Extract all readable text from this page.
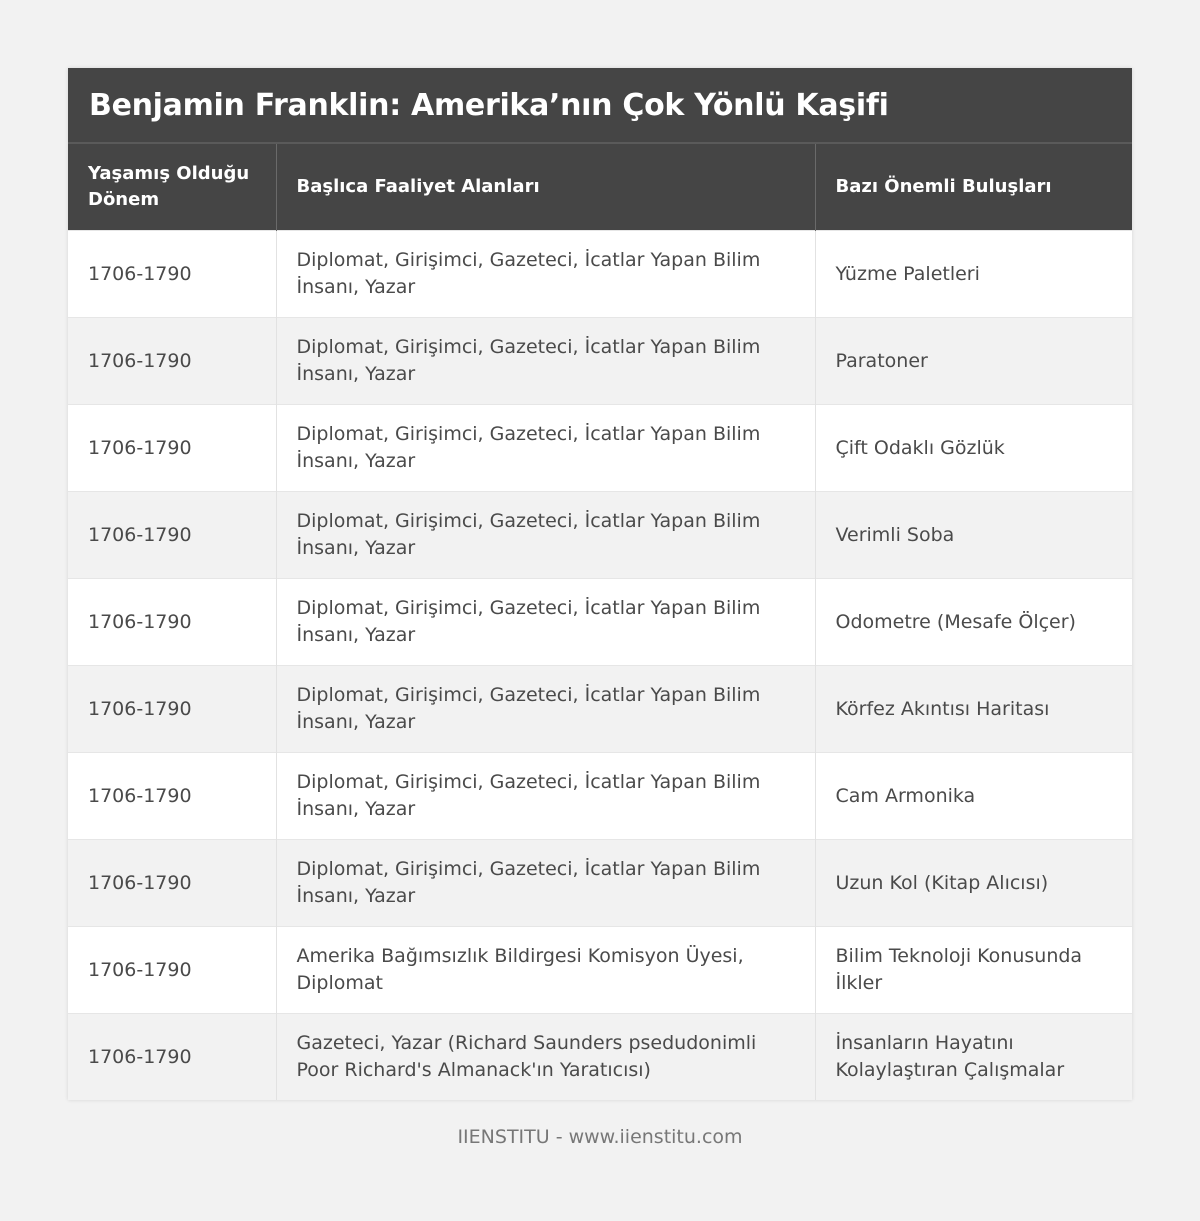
Benjamin Franklin: Amerika’nın Çok Yönlü Kaşifi
Yaşamış Olduğu Dönem	Başlıca Faaliyet Alanları	Bazı Önemli Buluşları
1706-1790	Diplomat, Girişimci, Gazeteci, İcatlar Yapan Bilim İnsanı, Yazar	Yüzme Paletleri
1706-1790	Diplomat, Girişimci, Gazeteci, İcatlar Yapan Bilim İnsanı, Yazar	Paratoner
1706-1790	Diplomat, Girişimci, Gazeteci, İcatlar Yapan Bilim İnsanı, Yazar	Çift Odaklı Gözlük
1706-1790	Diplomat, Girişimci, Gazeteci, İcatlar Yapan Bilim İnsanı, Yazar	Verimli Soba
1706-1790	Diplomat, Girişimci, Gazeteci, İcatlar Yapan Bilim İnsanı, Yazar	Odometre (Mesafe Ölçer)
1706-1790	Diplomat, Girişimci, Gazeteci, İcatlar Yapan Bilim İnsanı, Yazar	Körfez Akıntısı Haritası
1706-1790	Diplomat, Girişimci, Gazeteci, İcatlar Yapan Bilim İnsanı, Yazar	Cam Armonika
1706-1790	Diplomat, Girişimci, Gazeteci, İcatlar Yapan Bilim İnsanı, Yazar	Uzun Kol (Kitap Alıcısı)
1706-1790	Amerika Bağımsızlık Bildirgesi Komisyon Üyesi, Diplomat	Bilim Teknoloji Konusunda İlkler
1706-1790	Gazeteci, Yazar (Richard Saunders psedudonimli Poor Richard's Almanack'ın Yaratıcısı)	İnsanların Hayatını Kolaylaştıran Çalışmalar
IIENSTITU - www.iienstitu.com
